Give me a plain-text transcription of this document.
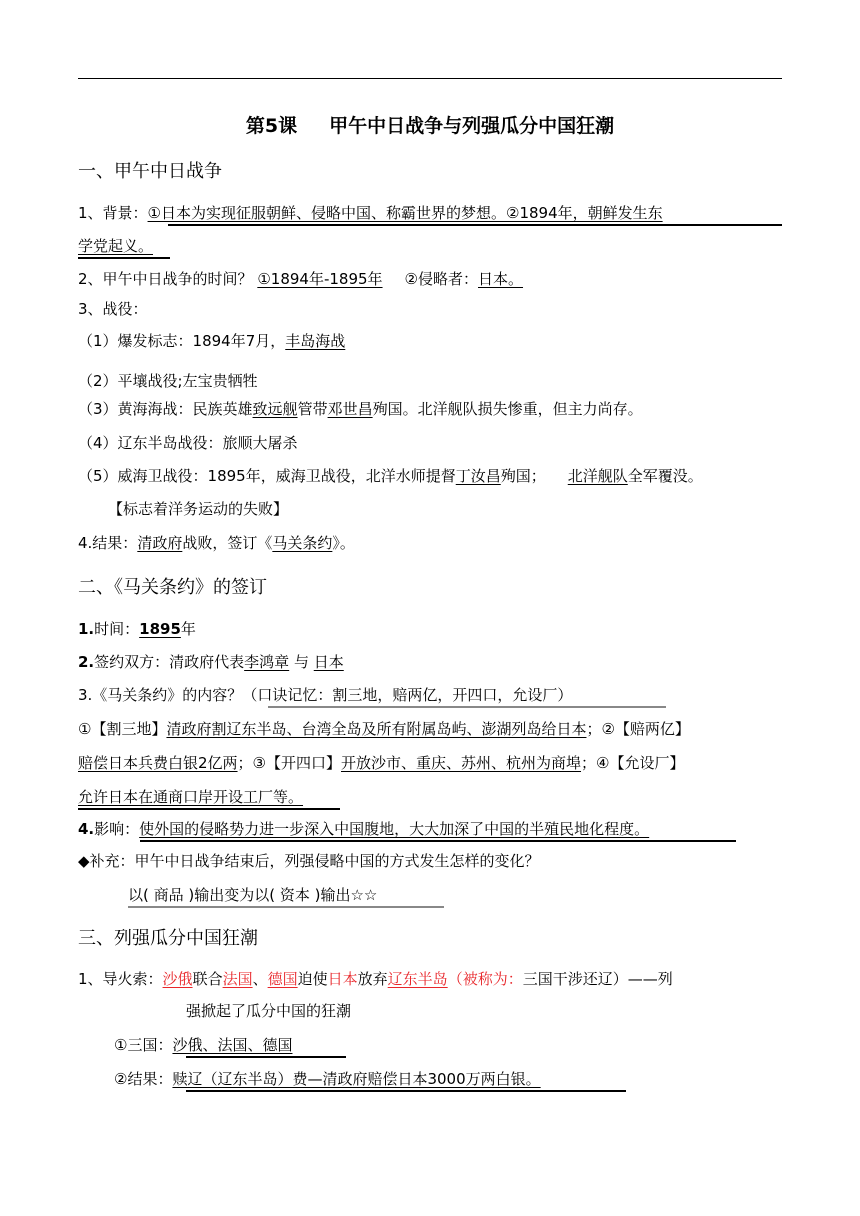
第5课 甲午中日战争与列强瓜分中国狂潮
一、甲午中日战争
1、背景：①日本为实现征服朝鲜、侵略中国、称霸世界的梦想。②1894年，朝鲜发生东
学党起义。
2、甲午中日战争的时间？ ①1894年-1895年 ②侵略者：日本。
3、战役：
（1）爆发标志：1894年7月，丰岛海战
（2）平壤战役;左宝贵牺牲
（3）黄海海战：民族英雄致远舰管带邓世昌殉国。北洋舰队损失惨重，但主力尚存。
（4）辽东半岛战役：旅顺大屠杀
（5）威海卫战役：1895年，威海卫战役，北洋水师提督丁汝昌殉国； 北洋舰队全军覆没。
【标志着洋务运动的失败】
4.结果：清政府战败，签订《马关条约》。
二、《马关条约》的签订
1.时间：1895年
2.签约双方：清政府代表李鸿章 与 日本
3.《马关条约》的内容？（口诀记忆：割三地，赔两亿，开四口，允设厂）
①【割三地】清政府割辽东半岛、台湾全岛及所有附属岛屿、澎湖列岛给日本；②【赔两亿】
赔偿日本兵费白银2亿两；③【开四口】开放沙市、重庆、苏州、杭州为商埠；④【允设厂】
允许日本在通商口岸开设工厂等。
4.影响：使外国的侵略势力进一步深入中国腹地，大大加深了中国的半殖民地化程度。
◆补充：甲午中日战争结束后，列强侵略中国的方式发生怎样的变化？
以( 商品 )输出变为以( 资本 )输出☆☆
三、列强瓜分中国狂潮
1、导火索：沙俄联合法国、德国迫使日本放弃辽东半岛（被称为：三国干涉还辽）——列
强掀起了瓜分中国的狂潮
①三国：沙俄、法国、德国
②结果：赎辽（辽东半岛）费—清政府赔偿日本3000万两白银。
